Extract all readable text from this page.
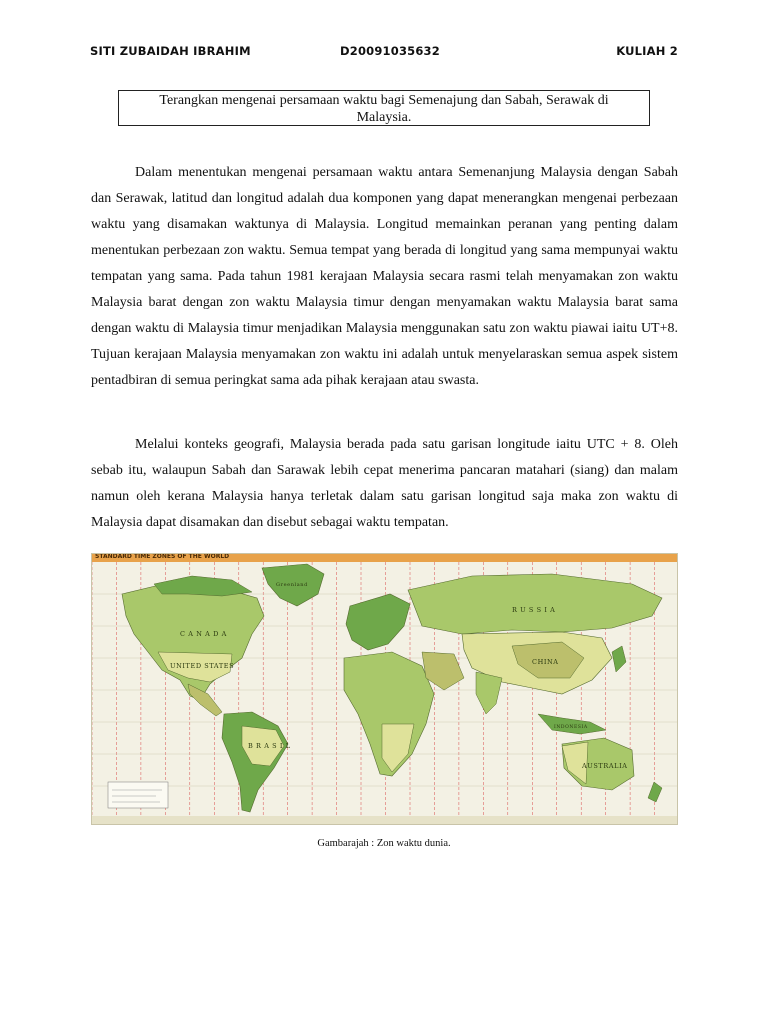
SITI ZUBAIDAH IBRAHIM	D20091035632	KULIAH 2
Terangkan mengenai persamaan waktu bagi Semenajung dan Sabah, Serawak di Malaysia.

Dalam menentukan mengenai persamaan waktu antara Semenanjung Malaysia dengan Sabah dan Serawak, latitud dan longitud adalah dua komponen yang dapat menerangkan mengenai perbezaan waktu yang disamakan waktunya di Malaysia. Longitud memainkan peranan yang penting dalam menentukan perbezaan zon waktu. Semua tempat yang berada di longitud yang sama mempunyai waktu tempatan yang sama. Pada tahun 1981 kerajaan Malaysia secara rasmi telah menyamakan zon waktu Malaysia barat dengan zon waktu Malaysia timur dengan menyamakan waktu Malaysia barat sama dengan waktu di Malaysia timur menjadikan Malaysia menggunakan satu zon waktu piawai iaitu UT+8. Tujuan kerajaan Malaysia menyamakan zon waktu ini adalah untuk menyelaraskan semua aspek sistem pentadbiran di semua peringkat sama ada pihak kerajaan atau swasta.

Melalui konteks geografi, Malaysia berada pada satu garisan longitude iaitu UTC + 8. Oleh sebab itu, walaupun Sabah dan Sarawak lebih cepat menerima pancaran matahari (siang) dan malam namun oleh kerana Malaysia hanya terletak dalam satu garisan longitud saja maka zon waktu di Malaysia dapat disamakan dan disebut sebagai waktu tempatan.

C A N A D A
UNITED STATES
B R A S I L
R U S S I A
CHINA
AUSTRALIA
Greenland
INDONESIA
STANDARD TIME ZONES OF THE WORLD
Gambarajah : Zon waktu dunia.
